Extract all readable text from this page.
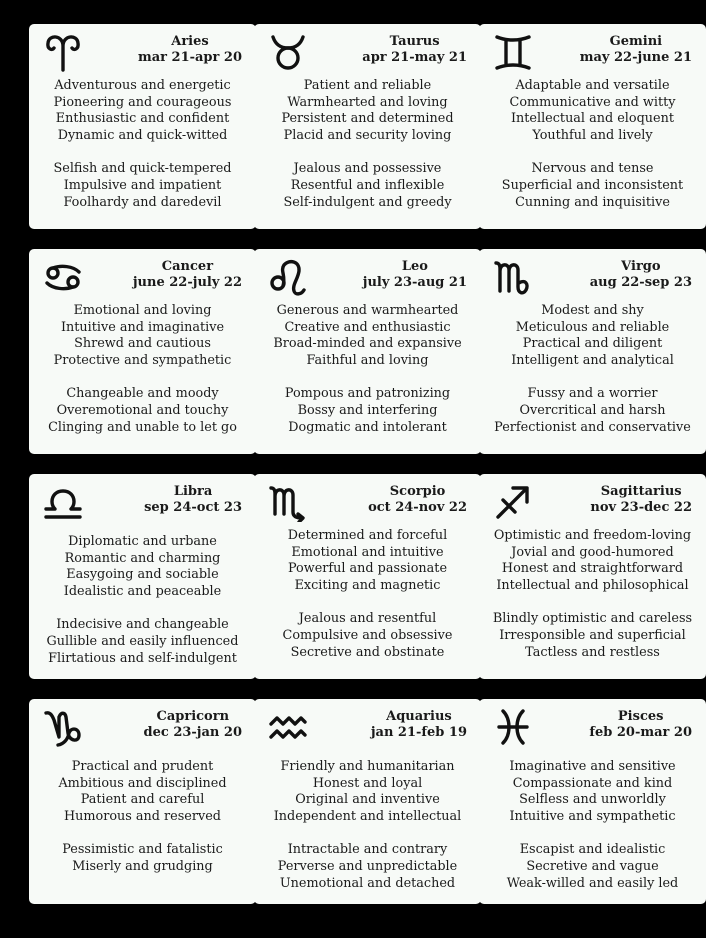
Aries
mar 21-apr 20
Adventurous and energetic
Pioneering and courageous
Enthusiastic and confident
Dynamic and quick-witted
Selfish and quick-tempered
Impulsive and impatient
Foolhardy and daredevil
Taurus
apr 21-may 21
Patient and reliable
Warmhearted and loving
Persistent and determined
Placid and security loving
Jealous and possessive
Resentful and inflexible
Self-indulgent and greedy
Gemini
may 22-june 21
Adaptable and versatile
Communicative and witty
Intellectual and eloquent
Youthful and lively
Nervous and tense
Superficial and inconsistent
Cunning and inquisitive
Cancer
june 22-july 22
Emotional and loving
Intuitive and imaginative
Shrewd and cautious
Protective and sympathetic
Changeable and moody
Overemotional and touchy
Clinging and unable to let go
Leo
july 23-aug 21
Generous and warmhearted
Creative and enthusiastic
Broad-minded and expansive
Faithful and loving
Pompous and patronizing
Bossy and interfering
Dogmatic and intolerant
Virgo
aug 22-sep 23
Modest and shy
Meticulous and reliable
Practical and diligent
Intelligent and analytical
Fussy and a worrier
Overcritical and harsh
Perfectionist and conservative
Libra
sep 24-oct 23
Diplomatic and urbane
Romantic and charming
Easygoing and sociable
Idealistic and peaceable
Indecisive and changeable
Gullible and easily influenced
Flirtatious and self-indulgent
Scorpio
oct 24-nov 22
Determined and forceful
Emotional and intuitive
Powerful and passionate
Exciting and magnetic
Jealous and resentful
Compulsive and obsessive
Secretive and obstinate
Sagittarius
nov 23-dec 22
Optimistic and freedom-loving
Jovial and good-humored
Honest and straightforward
Intellectual and philosophical
Blindly optimistic and careless
Irresponsible and superficial
Tactless and restless
Capricorn
dec 23-jan 20
Practical and prudent
Ambitious and disciplined
Patient and careful
Humorous and reserved
Pessimistic and fatalistic
Miserly and grudging
Aquarius
jan 21-feb 19
Friendly and humanitarian
Honest and loyal
Original and inventive
Independent and intellectual
Intractable and contrary
Perverse and unpredictable
Unemotional and detached
Pisces
feb 20-mar 20
Imaginative and sensitive
Compassionate and kind
Selfless and unworldly
Intuitive and sympathetic
Escapist and idealistic
Secretive and vague
Weak-willed and easily led
